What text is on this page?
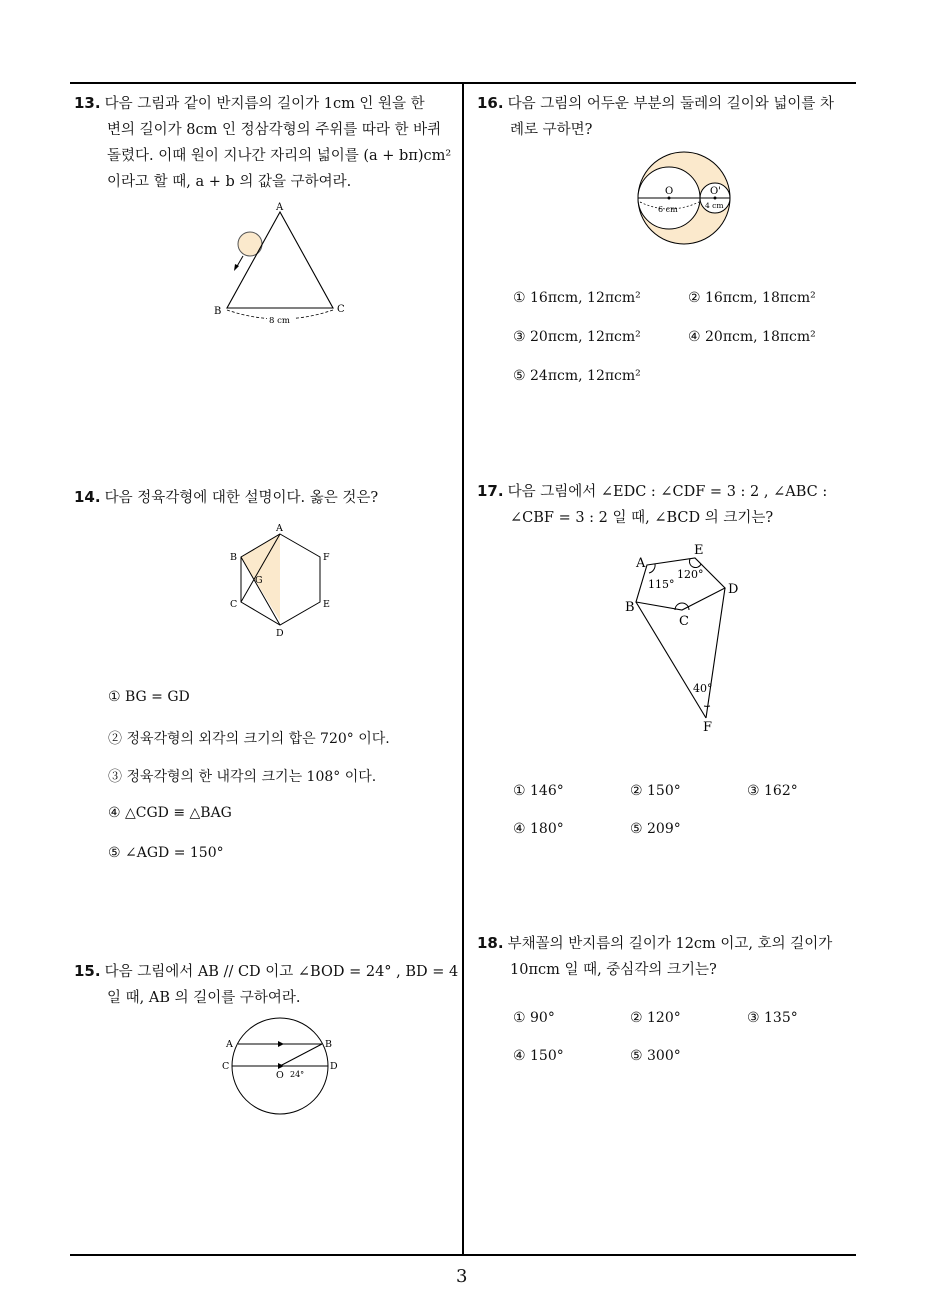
3
13. 다음 그림과 같이 반지름의 길이가 1cm 인 원을 한
변의 길이가 8cm 인 정삼각형의 주위를 따라 한 바퀴
돌렸다. 이때 원이 지나간 자리의 넓이를 (a + bπ)cm²
이라고 할 때, a + b 의 값을 구하여라.
A
B	C
8 cm
14. 다음 정육각형에 대한 설명이다. 옳은 것은?
A
B	F
G
C	E
D
① BG = GD
② 정육각형의 외각의 크기의 합은 720° 이다.
③ 정육각형의 한 내각의 크기는 108° 이다.
④ △CGD ≡ △BAG
⑤ ∠AGD = 150°
15. 다음 그림에서 AB // CD 이고 ∠BOD = 24° , BD = 4
일 때, AB 의 길이를 구하여라.
A	B
C	D
O 24°
16. 다음 그림의 어두운 부분의 둘레의 길이와 넓이를 차
례로 구하면?
O	O'
6 cm	4 cm
① 16πcm, 12πcm²	② 16πcm, 18πcm²
③ 20πcm, 12πcm²	④ 20πcm, 18πcm²
⑤ 24πcm, 12πcm²
17. 다음 그림에서 ∠EDC : ∠CDF = 3 : 2 , ∠ABC :
∠CBF = 3 : 2 일 때, ∠BCD 의 크기는?
A
E
D
B
C
F
115°
120°
40°
① 146°	② 150°	③ 162°
④ 180°	⑤ 209°
18. 부채꼴의 반지름의 길이가 12cm 이고, 호의 길이가
10πcm 일 때, 중심각의 크기는?
① 90°	② 120°	③ 135°
④ 150°	⑤ 300°
